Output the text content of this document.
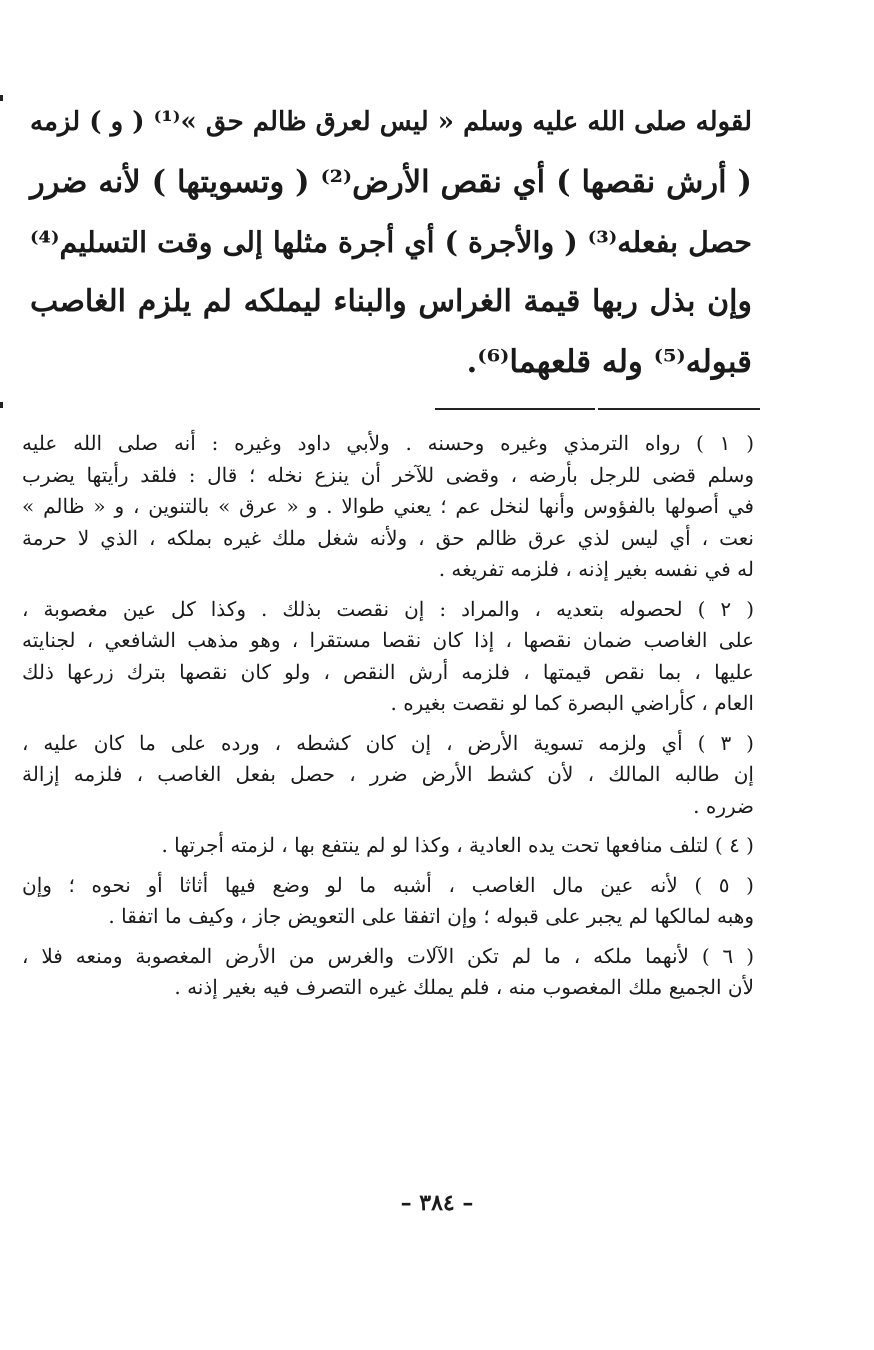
لقوله صلى الله عليه وسلم « ليس لعرق ظالم حق »⁽¹⁾ ( و ) لزمه
( أرش نقصها ) أي نقص الأرض⁽²⁾ ( وتسويتها ) لأنه ضرر
حصل بفعله⁽³⁾ ( والأجرة ) أي أجرة مثلها إلى وقت التسليم⁽⁴⁾
وإن بذل ربها قيمة الغراس والبناء ليملكه لم يلزم الغاصب
قبوله⁽⁵⁾ وله قلعهما⁽⁶⁾.
( ١ ) رواه الترمذي وغيره وحسنه . ولأبي داود وغيره : أنه صلى الله عليه
وسلم قضى للرجل بأرضه ، وقضى للآخر أن ينزع نخله ؛ قال : فلقد رأيتها يضرب
في أصولها بالفؤوس وأنها لنخل عم ؛ يعني طوالا . و « عرق » بالتنوين ، و « ظالم »
نعت ، أي ليس لذي عرق ظالم حق ، ولأنه شغل ملك غيره بملكه ، الذي لا حرمة
له في نفسه بغير إذنه ، فلزمه تفريغه .
( ٢ ) لحصوله بتعديه ، والمراد : إن نقصت بذلك . وكذا كل عين مغصوبة ،
على الغاصب ضمان نقصها ، إذا كان نقصا مستقرا ، وهو مذهب الشافعي ، لجنايته
عليها ، بما نقص قيمتها ، فلزمه أرش النقص ، ولو كان نقصها بترك زرعها ذلك
العام ، كأراضي البصرة كما لو نقصت بغيره .
( ٣ ) أي ولزمه تسوية الأرض ، إن كان كشطه ، ورده على ما كان عليه ،
إن طالبه المالك ، لأن كشط الأرض ضرر ، حصل بفعل الغاصب ، فلزمه إزالة
ضرره .
( ٤ ) لتلف منافعها تحت يده العادية ، وكذا لو لم ينتفع بها ، لزمته أجرتها .
( ٥ ) لأنه عين مال الغاصب ، أشبه ما لو وضع فيها أثاثا أو نحوه ؛ وإن
وهبه لمالكها لم يجبر على قبوله ؛ وإن اتفقا على التعويض جاز ، وكيف ما اتفقا .
( ٦ ) لأنهما ملكه ، ما لم تكن الآلات والغرس من الأرض المغصوبة ومنعه فلا ،
لأن الجميع ملك المغصوب منه ، فلم يملك غيره التصرف فيه بغير إذنه .
– ٣٨٤ –
